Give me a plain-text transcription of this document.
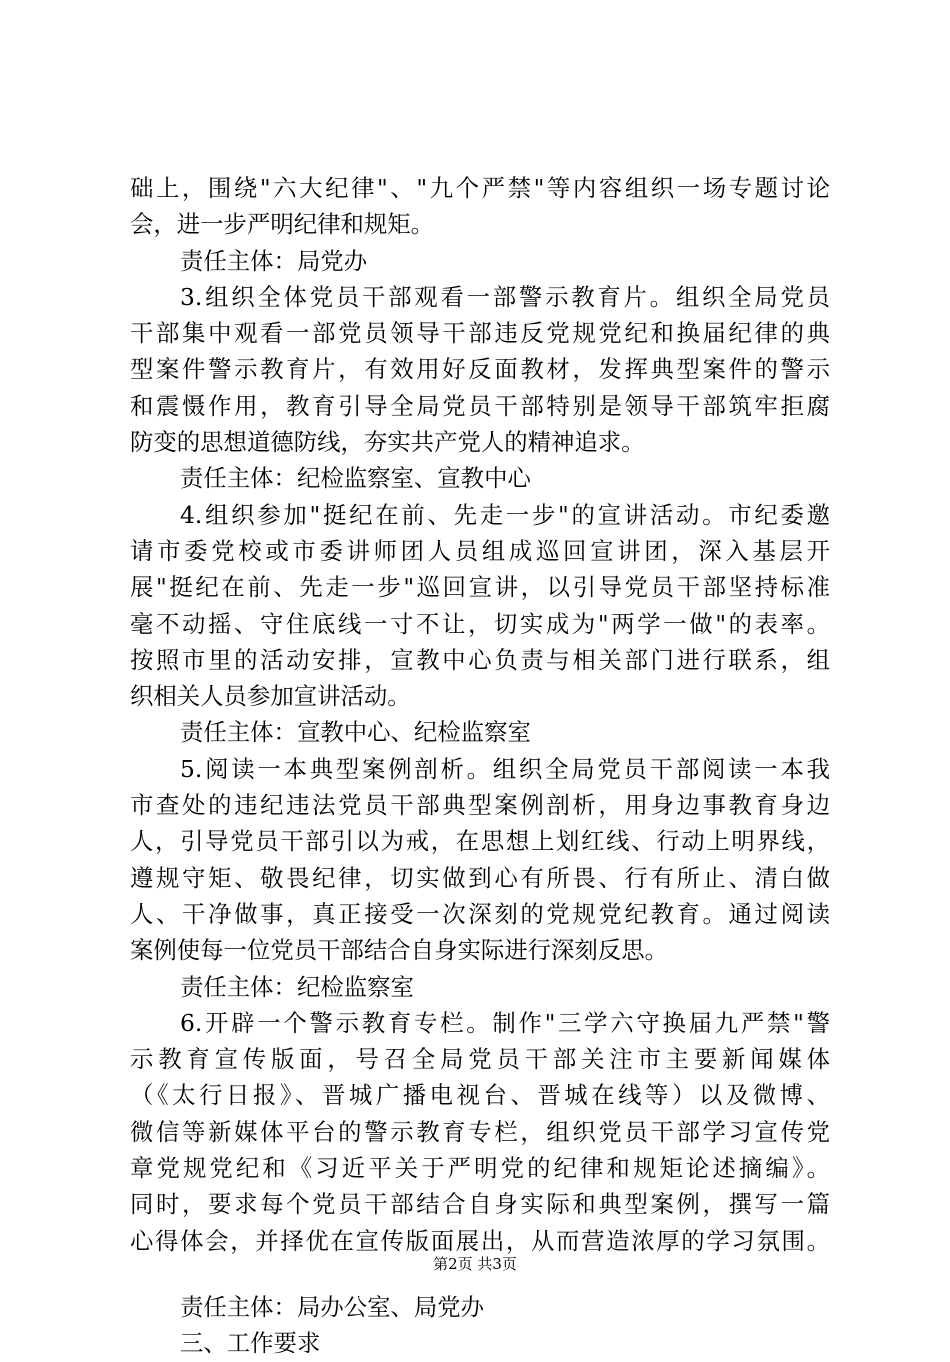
础上，围绕"六大纪律"、"九个严禁"等内容组织一场专题讨论
会，进一步严明纪律和规矩。
责任主体：局党办
3.组织全体党员干部观看一部警示教育片。组织全局党员
干部集中观看一部党员领导干部违反党规党纪和换届纪律的典
型案件警示教育片，有效用好反面教材，发挥典型案件的警示
和震慑作用，教育引导全局党员干部特别是领导干部筑牢拒腐
防变的思想道德防线，夯实共产党人的精神追求。
责任主体：纪检监察室、宣教中心
4.组织参加"挺纪在前、先走一步"的宣讲活动。市纪委邀
请市委党校或市委讲师团人员组成巡回宣讲团，深入基层开
展"挺纪在前、先走一步"巡回宣讲，以引导党员干部坚持标准
毫不动摇、守住底线一寸不让，切实成为"两学一做"的表率。
按照市里的活动安排，宣教中心负责与相关部门进行联系，组
织相关人员参加宣讲活动。
责任主体：宣教中心、纪检监察室
5.阅读一本典型案例剖析。组织全局党员干部阅读一本我
市查处的违纪违法党员干部典型案例剖析，用身边事教育身边
人，引导党员干部引以为戒，在思想上划红线、行动上明界线，
遵规守矩、敬畏纪律，切实做到心有所畏、行有所止、清白做
人、干净做事，真正接受一次深刻的党规党纪教育。通过阅读
案例使每一位党员干部结合自身实际进行深刻反思。
责任主体：纪检监察室
6.开辟一个警示教育专栏。制作"三学六守换届九严禁"警
示教育宣传版面，号召全局党员干部关注市主要新闻媒体
（《太行日报》、晋城广播电视台、晋城在线等）以及微博、
微信等新媒体平台的警示教育专栏，组织党员干部学习宣传党
章党规党纪和《习近平关于严明党的纪律和规矩论述摘编》。
同时，要求每个党员干部结合自身实际和典型案例，撰写一篇
心得体会，并择优在宣传版面展出，从而营造浓厚的学习氛围。
责任主体：局办公室、局党办
三、工作要求
第2页 共3页
